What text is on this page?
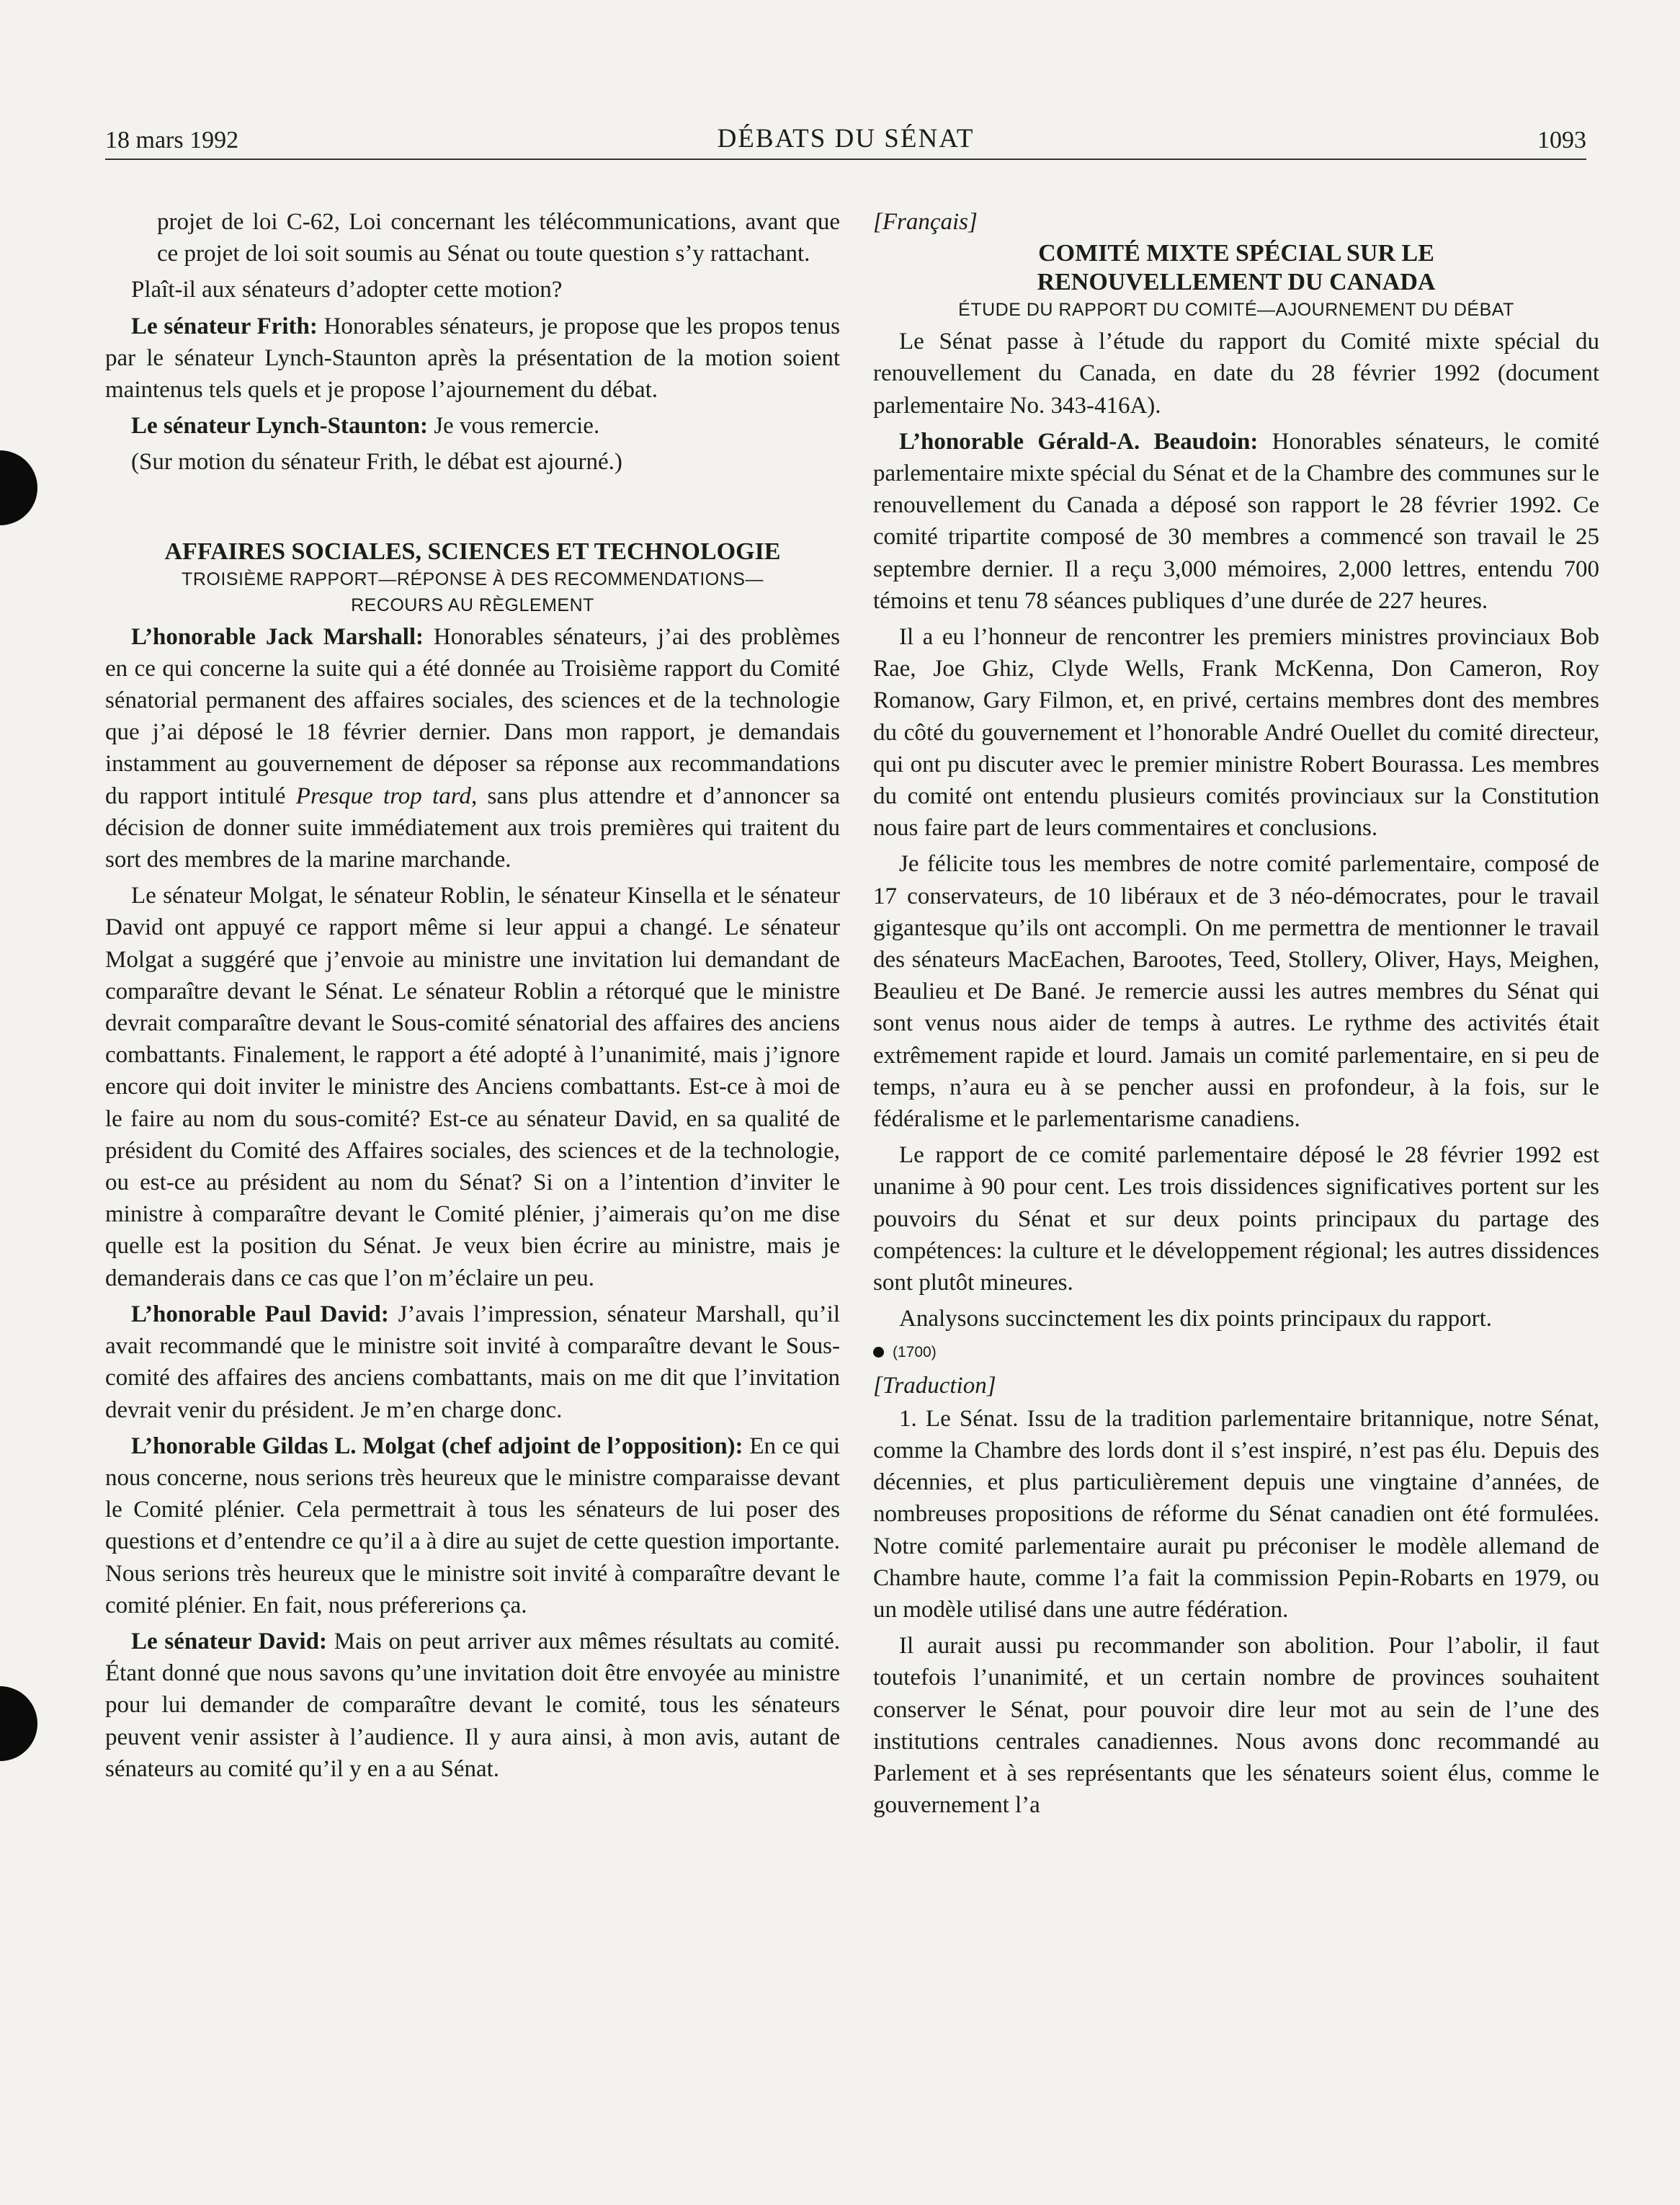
18 mars 1992	DÉBATS DU SÉNAT	1093

projet de loi C-62, Loi concernant les télécommunications, avant que ce projet de loi soit soumis au Sénat ou toute question s’y rattachant.

Plaît-il aux sénateurs d’adopter cette motion?

Le sénateur Frith: Honorables sénateurs, je propose que les propos tenus par le sénateur Lynch-Staunton après la présentation de la motion soient maintenus tels quels et je propose l’ajournement du débat.

Le sénateur Lynch-Staunton: Je vous remercie.

(Sur motion du sénateur Frith, le débat est ajourné.)

AFFAIRES SOCIALES, SCIENCES ET TECHNOLOGIE
TROISIÈME RAPPORT—RÉPONSE À DES RECOMMENDATIONS—
RECOURS AU RÈGLEMENT

L’honorable Jack Marshall: Honorables sénateurs, j’ai des problèmes en ce qui concerne la suite qui a été donnée au Troisième rapport du Comité sénatorial permanent des affaires sociales, des sciences et de la technologie que j’ai déposé le 18 février dernier. Dans mon rapport, je demandais instamment au gouvernement de déposer sa réponse aux recommandations du rapport intitulé Presque trop tard, sans plus attendre et d’annoncer sa décision de donner suite immédiatement aux trois premières qui traitent du sort des membres de la marine marchande.

Le sénateur Molgat, le sénateur Roblin, le sénateur Kinsella et le sénateur David ont appuyé ce rapport même si leur appui a changé. Le sénateur Molgat a suggéré que j’envoie au ministre une invitation lui demandant de comparaître devant le Sénat. Le sénateur Roblin a rétorqué que le ministre devrait comparaître devant le Sous-comité sénatorial des affaires des anciens combattants. Finalement, le rapport a été adopté à l’unanimité, mais j’ignore encore qui doit inviter le ministre des Anciens combattants. Est-ce à moi de le faire au nom du sous-comité? Est-ce au sénateur David, en sa qualité de président du Comité des Affaires sociales, des sciences et de la technologie, ou est-ce au président au nom du Sénat? Si on a l’intention d’inviter le ministre à comparaître devant le Comité plénier, j’aimerais qu’on me dise quelle est la position du Sénat. Je veux bien écrire au ministre, mais je demanderais dans ce cas que l’on m’éclaire un peu.

L’honorable Paul David: J’avais l’impression, sénateur Marshall, qu’il avait recommandé que le ministre soit invité à comparaître devant le Sous-comité des affaires des anciens combattants, mais on me dit que l’invitation devrait venir du président. Je m’en charge donc.

L’honorable Gildas L. Molgat (chef adjoint de l’opposition): En ce qui nous concerne, nous serions très heureux que le ministre comparaisse devant le Comité plénier. Cela permettrait à tous les sénateurs de lui poser des questions et d’entendre ce qu’il a à dire au sujet de cette question importante. Nous serions très heureux que le ministre soit invité à comparaître devant le comité plénier. En fait, nous préfererions ça.

Le sénateur David: Mais on peut arriver aux mêmes résultats au comité. Étant donné que nous savons qu’une invitation doit être envoyée au ministre pour lui demander de comparaître devant le comité, tous les sénateurs peuvent venir assister à l’audience. Il y aura ainsi, à mon avis, autant de sénateurs au comité qu’il y en a au Sénat.

[Français]

COMITÉ MIXTE SPÉCIAL SUR LE
RENOUVELLEMENT DU CANADA
ÉTUDE DU RAPPORT DU COMITÉ—AJOURNEMENT DU DÉBAT

Le Sénat passe à l’étude du rapport du Comité mixte spécial du renouvellement du Canada, en date du 28 février 1992 (document parlementaire No. 343-416A).

L’honorable Gérald-A. Beaudoin: Honorables sénateurs, le comité parlementaire mixte spécial du Sénat et de la Chambre des communes sur le renouvellement du Canada a déposé son rapport le 28 février 1992. Ce comité tripartite composé de 30 membres a commencé son travail le 25 septembre dernier. Il a reçu 3,000 mémoires, 2,000 lettres, entendu 700 témoins et tenu 78 séances publiques d’une durée de 227 heures.

Il a eu l’honneur de rencontrer les premiers ministres provinciaux Bob Rae, Joe Ghiz, Clyde Wells, Frank McKenna, Don Cameron, Roy Romanow, Gary Filmon, et, en privé, certains membres dont des membres du côté du gouvernement et l’honorable André Ouellet du comité directeur, qui ont pu discuter avec le premier ministre Robert Bourassa. Les membres du comité ont entendu plusieurs comités provinciaux sur la Constitution nous faire part de leurs commentaires et conclusions.

Je félicite tous les membres de notre comité parlementaire, composé de 17 conservateurs, de 10 libéraux et de 3 néo-démocrates, pour le travail gigantesque qu’ils ont accompli. On me permettra de mentionner le travail des sénateurs MacEachen, Barootes, Teed, Stollery, Oliver, Hays, Meighen, Beaulieu et De Bané. Je remercie aussi les autres membres du Sénat qui sont venus nous aider de temps à autres. Le rythme des activités était extrêmement rapide et lourd. Jamais un comité parlementaire, en si peu de temps, n’aura eu à se pencher aussi en profondeur, à la fois, sur le fédéralisme et le parlementarisme canadiens.

Le rapport de ce comité parlementaire déposé le 28 février 1992 est unanime à 90 pour cent. Les trois dissidences significatives portent sur les pouvoirs du Sénat et sur deux points principaux du partage des compétences: la culture et le développement régional; les autres dissidences sont plutôt mineures.

Analysons succinctement les dix points principaux du rapport.

(1700)

[Traduction]

1. Le Sénat. Issu de la tradition parlementaire britannique, notre Sénat, comme la Chambre des lords dont il s’est inspiré, n’est pas élu. Depuis des décennies, et plus particulièrement depuis une vingtaine d’années, de nombreuses propositions de réforme du Sénat canadien ont été formulées. Notre comité parlementaire aurait pu préconiser le modèle allemand de Chambre haute, comme l’a fait la commission Pepin-Robarts en 1979, ou un modèle utilisé dans une autre fédération.

Il aurait aussi pu recommander son abolition. Pour l’abolir, il faut toutefois l’unanimité, et un certain nombre de provinces souhaitent conserver le Sénat, pour pouvoir dire leur mot au sein de l’une des institutions centrales canadiennes. Nous avons donc recommandé au Parlement et à ses représentants que les sénateurs soient élus, comme le gouvernement l’a
